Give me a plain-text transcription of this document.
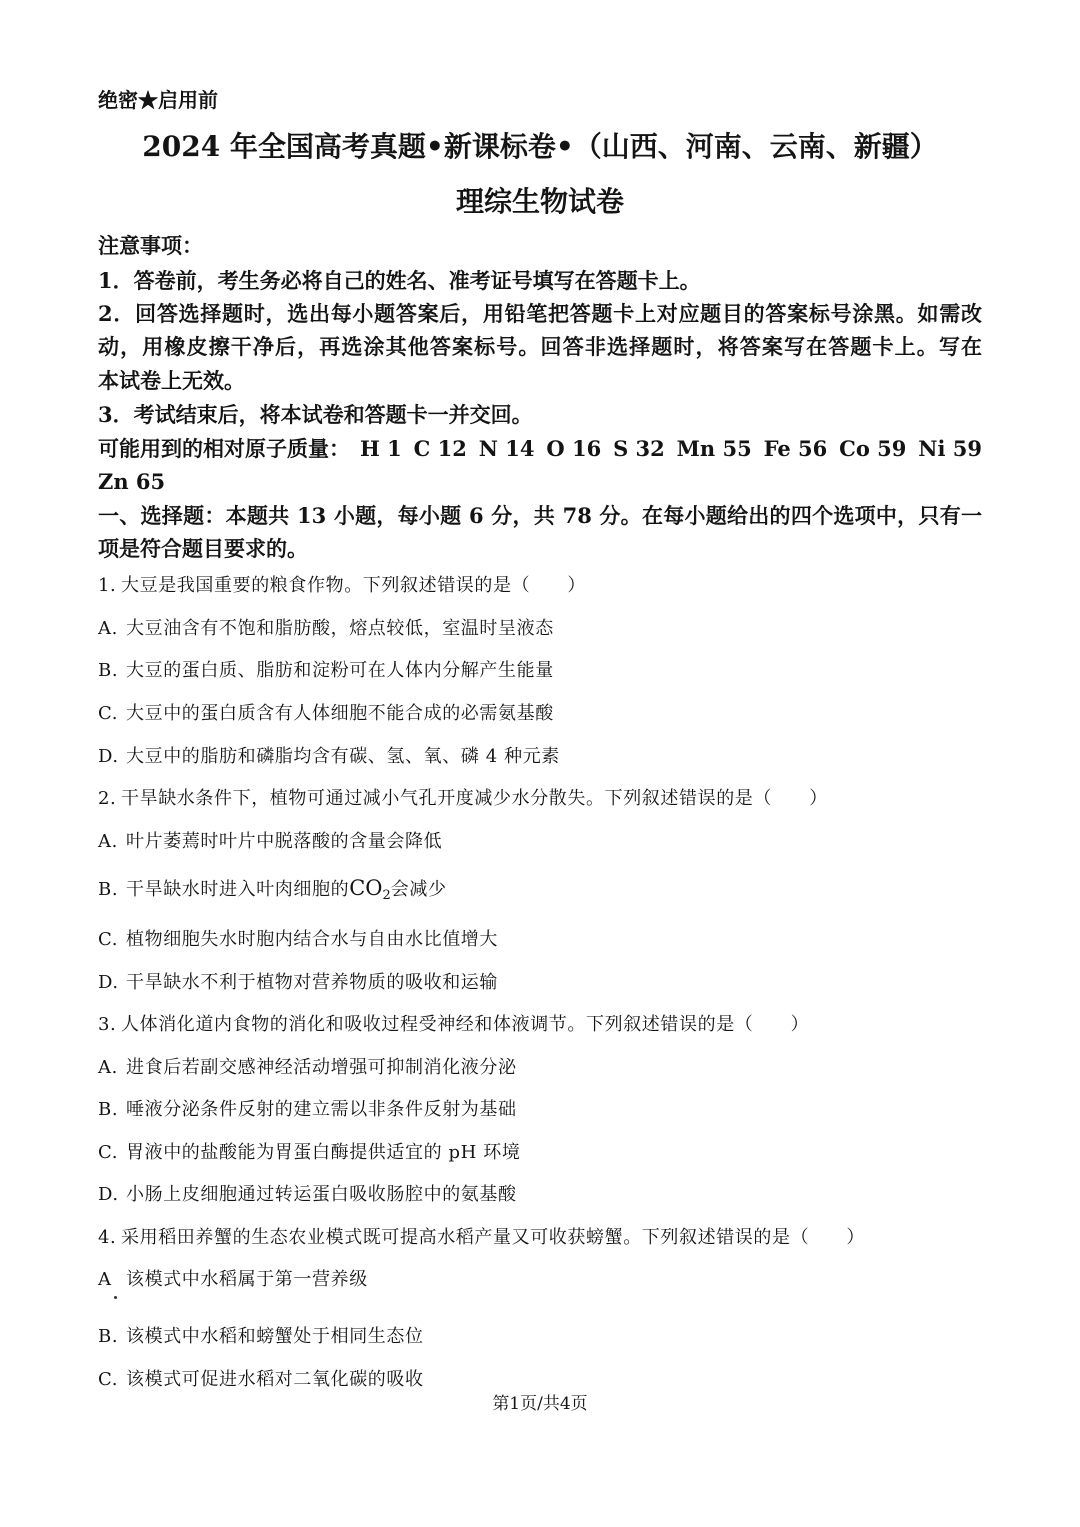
绝密★启用前
2024 年全国高考真题•新课标卷•（山西、河南、云南、新疆）
理综生物试卷
注意事项：
1．答卷前，考生务必将自己的姓名、准考证号填写在答题卡上。
2．回答选择题时，选出每小题答案后，用铅笔把答题卡上对应题目的答案标号涂黑。如需改
动，用橡皮擦干净后，再选涂其他答案标号。回答非选择题时，将答案写在答题卡上。写在
本试卷上无效。
3．考试结束后，将本试卷和答题卡一并交回。
可能用到的相对原子质量： H 1 C 12 N 14 O 16 S 32 Mn 55 Fe 56 Co 59 Ni 59
Zn 65
一、选择题：本题共 13 小题，每小题 6 分，共 78 分。在每小题给出的四个选项中，只有一
项是符合题目要求的。
1. 大豆是我国重要的粮食作物。下列叙述错误的是（　　）
A. 大豆油含有不饱和脂肪酸，熔点较低，室温时呈液态
B. 大豆的蛋白质、脂肪和淀粉可在人体内分解产生能量
C. 大豆中的蛋白质含有人体细胞不能合成的必需氨基酸
D. 大豆中的脂肪和磷脂均含有碳、氢、氧、磷 4 种元素
2. 干旱缺水条件下，植物可通过减小气孔开度减少水分散失。下列叙述错误的是（　　）
A. 叶片萎蔫时叶片中脱落酸的含量会降低
B. 干旱缺水时进入叶肉细胞的$CO_2$会减少
C. 植物细胞失水时胞内结合水与自由水比值增大
D. 干旱缺水不利于植物对营养物质的吸收和运输
3. 人体消化道内食物的消化和吸收过程受神经和体液调节。下列叙述错误的是（　　）
A. 进食后若副交感神经活动增强可抑制消化液分泌
B. 唾液分泌条件反射的建立需以非条件反射为基础
C. 胃液中的盐酸能为胃蛋白酶提供适宜的 pH 环境
D. 小肠上皮细胞通过转运蛋白吸收肠腔中的氨基酸
4. 采用稻田养蟹的生态农业模式既可提高水稻产量又可收获螃蟹。下列叙述错误的是（　　）
A 该模式中水稻属于第一营养级
B. 该模式中水稻和螃蟹处于相同生态位
C. 该模式可促进水稻对二氧化碳的吸收
第1页/共4页
